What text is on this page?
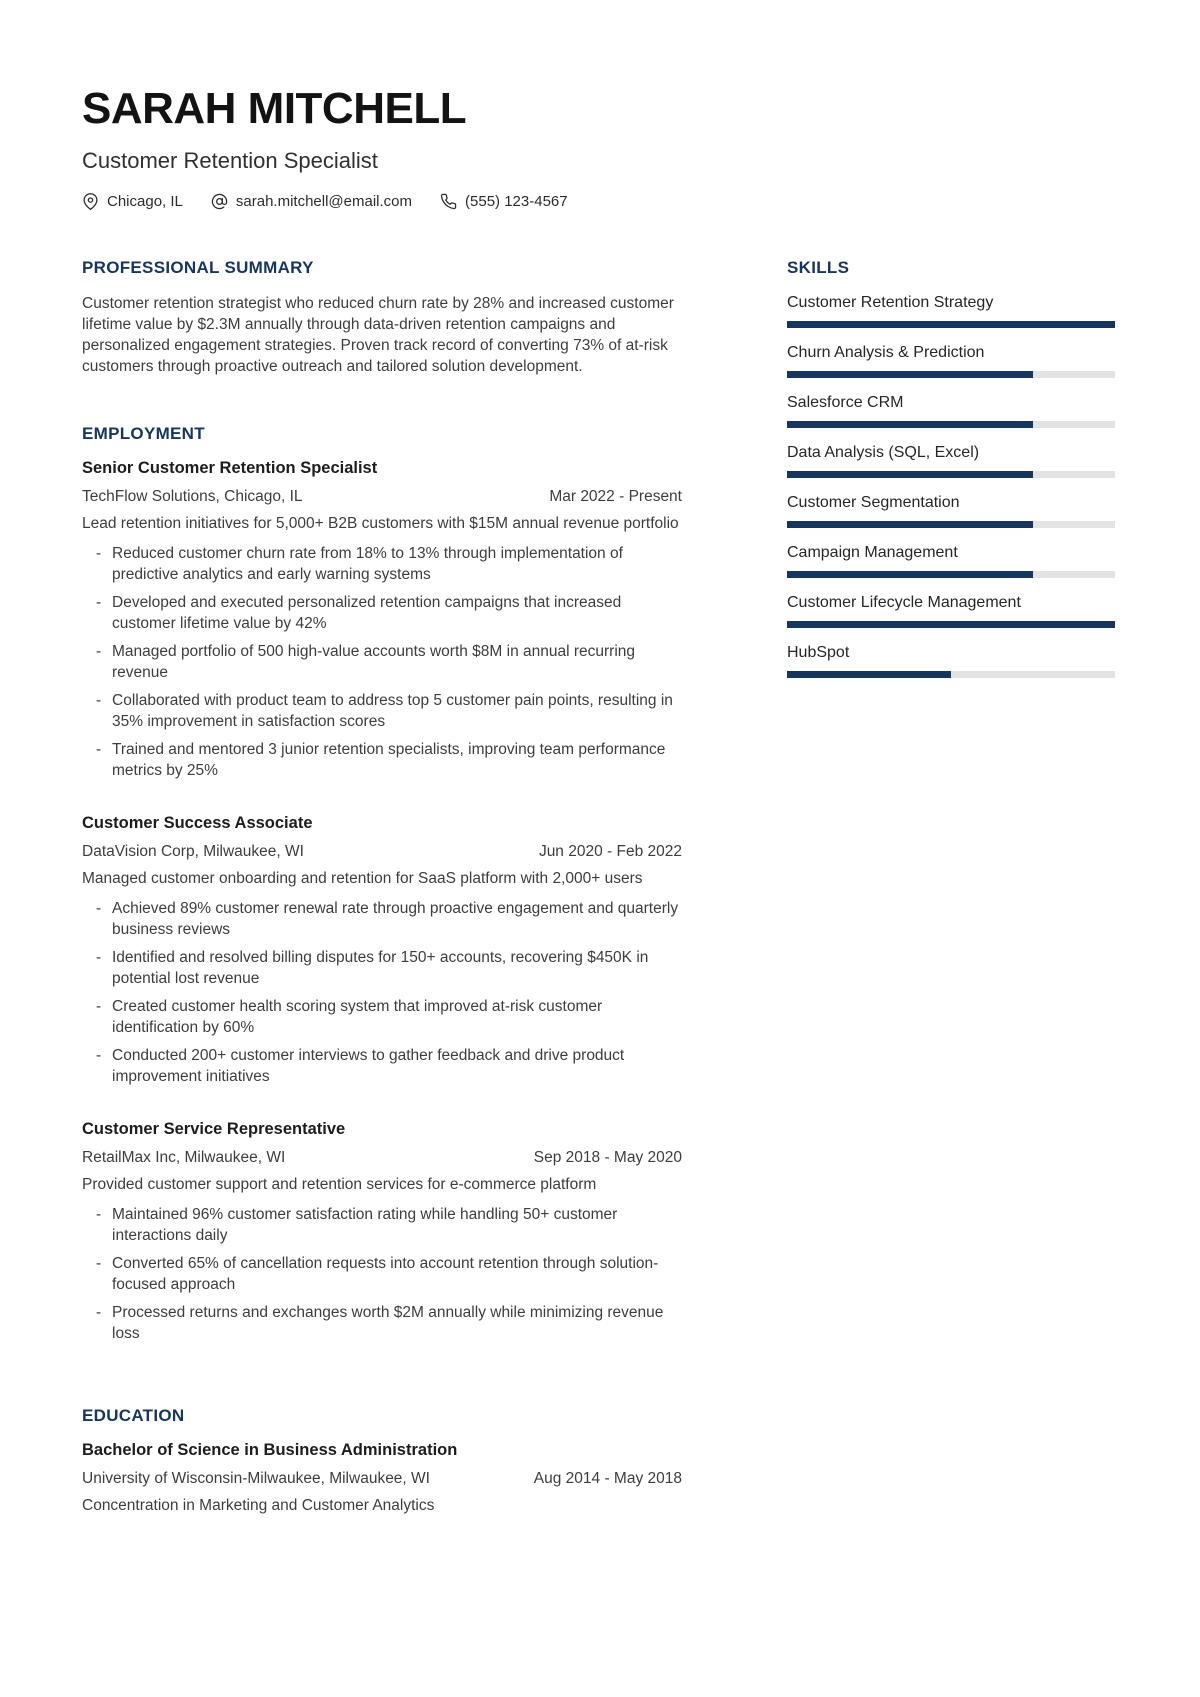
SARAH MITCHELL
Customer Retention Specialist
Chicago, IL	sarah.mitchell@email.com	(555) 123-4567
PROFESSIONAL SUMMARY

Customer retention strategist who reduced churn rate by 28% and increased customer lifetime value by $2.3M annually through data-driven retention campaigns and personalized engagement strategies. Proven track record of converting 73% of at-risk customers through proactive outreach and tailored solution development.

EMPLOYMENT
Senior Customer Retention Specialist
TechFlow Solutions, Chicago, IL	Mar 2022 - Present
Lead retention initiatives for 5,000+ B2B customers with $15M annual revenue portfolio
- Reduced customer churn rate from 18% to 13% through implementation of predictive analytics and early warning systems
- Developed and executed personalized retention campaigns that increased customer lifetime value by 42%
- Managed portfolio of 500 high-value accounts worth $8M in annual recurring revenue
- Collaborated with product team to address top 5 customer pain points, resulting in 35% improvement in satisfaction scores
- Trained and mentored 3 junior retention specialists, improving team performance metrics by 25%
Customer Success Associate
DataVision Corp, Milwaukee, WI	Jun 2020 - Feb 2022
Managed customer onboarding and retention for SaaS platform with 2,000+ users
- Achieved 89% customer renewal rate through proactive engagement and quarterly business reviews
- Identified and resolved billing disputes for 150+ accounts, recovering $450K in potential lost revenue
- Created customer health scoring system that improved at-risk customer identification by 60%
- Conducted 200+ customer interviews to gather feedback and drive product improvement initiatives
Customer Service Representative
RetailMax Inc, Milwaukee, WI	Sep 2018 - May 2020
Provided customer support and retention services for e-commerce platform
- Maintained 96% customer satisfaction rating while handling 50+ customer interactions daily
- Converted 65% of cancellation requests into account retention through solution-focused approach
- Processed returns and exchanges worth $2M annually while minimizing revenue loss
EDUCATION
Bachelor of Science in Business Administration
University of Wisconsin-Milwaukee, Milwaukee, WI	Aug 2014 - May 2018
Concentration in Marketing and Customer Analytics
SKILLS
Customer Retention Strategy
Churn Analysis & Prediction
Salesforce CRM
Data Analysis (SQL, Excel)
Customer Segmentation
Campaign Management
Customer Lifecycle Management
HubSpot
